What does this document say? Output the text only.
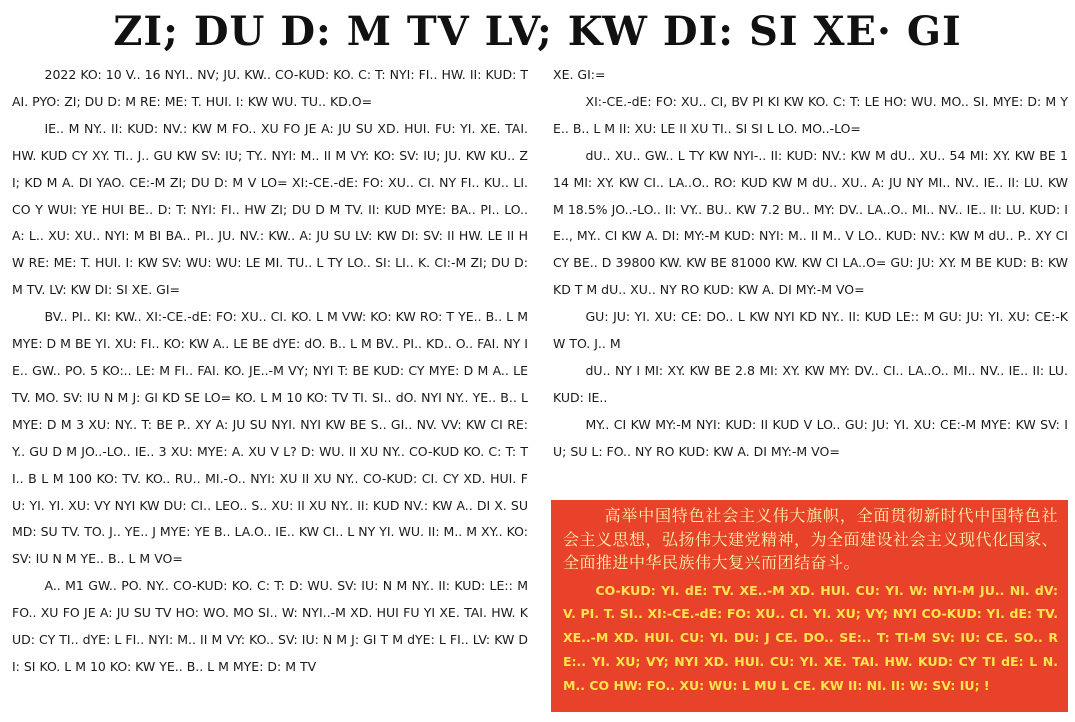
ZI; DU D: M TV LV; KW DI: SI XE· GI

2022 KO: 10 V.. 16 NYI.. NV; JU. KW.. CO-KUD: KO. C: T: NYI: FI.. HW. II: KUD: TAI. PYO: ZI; DU D: M RE: ME: T. HUI. I: KW WU. TU.. KD.O=

IE.. M NY.. II: KUD: NV.: KW M FO.. XU FO JE A: JU SU XD. HUI. FU: YI. XE. TAI. HW. KUD CY XY. TI.. J.. GU KW SV: IU; TY.. NYI: M.. II M VY: KO: SV: IU; JU. KW KU.. ZI; KD M A. DI YAO. CE:-M ZI; DU D: M V LO= XI:-CE.-dE: FO: XU.. CI. NY FI.. KU.. LI. CO Y WUI: YE HUI BE.. D: T: NYI: FI.. HW ZI; DU D M TV. II: KUD MYE: BA.. PI.. LO.. A: L.. XU: XU.. NYI: M BI BA.. PI.. JU. NV.: KW.. A: JU SU LV: KW DI: SV: II HW. LE II HW RE: ME: T. HUI. I: KW SV: WU: WU: LE MI. TU.. L TY LO.. SI: LI.. K. CI:-M ZI; DU D: M TV. LV: KW DI: SI XE. GI=

BV.. PI.. KI: KW.. XI:-CE.-dE: FO: XU.. CI. KO. L M VW: KO: KW RO: T YE.. B.. L M MYE: D M BE YI. XU: FI.. KO: KW A.. LE BE dYE: dO. B.. L M BV.. PI.. KD.. O.. FAI. NY IE.. GW.. PO. 5 KO:.. LE: M FI.. FAI. KO. JE..-M VY; NYI T: BE KUD: CY MYE: D M A.. LE TV. MO. SV: IU N M J: GI KD SE LO= KO. L M 10 KO: TV TI. SI.. dO. NYI NY.. YE.. B.. L MYE: D M 3 XU: NY.. T: BE P.. XY A: JU SU NYI. NYI KW BE S.. GI.. NV. VV: KW CI RE: Y.. GU D M JO..-LO.. IE.. 3 XU: MYE: A. XU V L? D: WU. II XU NY.. CO-KUD KO. C: T: TI.. B L M 100 KO: TV. KO.. RU.. MI.-O.. NYI: XU II XU NY.. CO-KUD: CI. CY XD. HUI. FU: YI. YI. XU: VY NYI KW DU: CI.. LEO.. S.. XU: II XU NY.. II: KUD NV.: KW A.. DI X. SU MD: SU TV. TO. J.. YE.. J MYE: YE B.. LA.O.. IE.. KW CI.. L NY YI. WU. II: M.. M XY.. KO: SV: IU N M YE.. B.. L M VO=

A.. M1 GW.. PO. NY.. CO-KUD: KO. C: T: D: WU. SV: IU: N M NY.. II: KUD: LE:: M FO.. XU FO JE A: JU SU TV HO: WO. MO SI.. W: NYI..-M XD. HUI FU YI XE. TAI. HW. KUD: CY TI.. dYE: L FI.. NYI: M.. II M VY: KO.. SV: IU: N M J: GI T M dYE: L FI.. LV: KW DI: SI KO. L M 10 KO: KW YE.. B.. L M MYE: D: M TV

XE. GI:=

XI:-CE.-dE: FO: XU.. CI, BV PI KI KW KO. C: T: LE HO: WU. MO.. SI. MYE: D: M YE.. B.. L M II: XU: LE II XU TI.. SI SI L LO. MO..-LO=

dU.. XU.. GW.. L TY KW NYI-.. II: KUD: NV.: KW M dU.. XU.. 54 MI: XY. KW BE 114 MI: XY. KW CI.. LA..O.. RO: KUD KW M dU.. XU.. A: JU NY MI.. NV.. IE.. II: LU. KW M 18.5% JO..-LO.. II: VY.. BU.. KW 7.2 BU.. MY: DV.. LA..O.. MI.. NV.. IE.. II: LU. KUD: IE.., MY.. CI KW A. DI: MY:-M KUD: NYI: M.. II M.. V LO.. KUD: NV.: KW M dU.. P.. XY CI CY BE.. D 39800 KW. KW BE 81000 KW. KW CI LA..O= GU: JU: XY. M BE KUD: B: KW KD T M dU.. XU.. NY RO KUD: KW A. DI MY:-M VO=

GU: JU: YI. XU: CE: DO.. L KW NYI KD NY.. II: KUD LE:: M GU: JU: YI. XU: CE:-KW TO. J.. M

dU.. NY I MI: XY. KW BE 2.8 MI: XY. KW MY: DV.. CI.. LA..O.. MI.. NV.. IE.. II: LU. KUD: IE..

MY.. CI KW MY:-M NYI: KUD: II KUD V LO.. GU: JU: YI. XU: CE:-M MYE: KW SV: IU; SU L: FO.. NY RO KUD: KW A. DI MY:-M VO=

高举中国特色社会主义伟大旗帜，全面贯彻新时代中国特色社会主义思想，弘扬伟大建党精神，为全面建设社会主义现代化国家、全面推进中华民族伟大复兴而团结奋斗。

CO-KUD: YI. dE: TV. XE..-M XD. HUI. CU: YI. W: NYI-M JU.. NI. dV: V. PI. T. SI.. XI:-CE.-dE: FO: XU.. CI. YI. XU; VY; NYI CO-KUD: YI. dE: TV. XE..-M XD. HUI. CU: YI. DU: J CE. DO.. SE:.. T: TI-M SV: IU: CE. SO.. RE:.. YI. XU; VY; NYI XD. HUI. CU: YI. XE. TAI. HW. KUD: CY TI dE: L N. M.. CO HW: FO.. XU: WU: L MU L CE. KW II: NI. II: W: SV: IU; !
